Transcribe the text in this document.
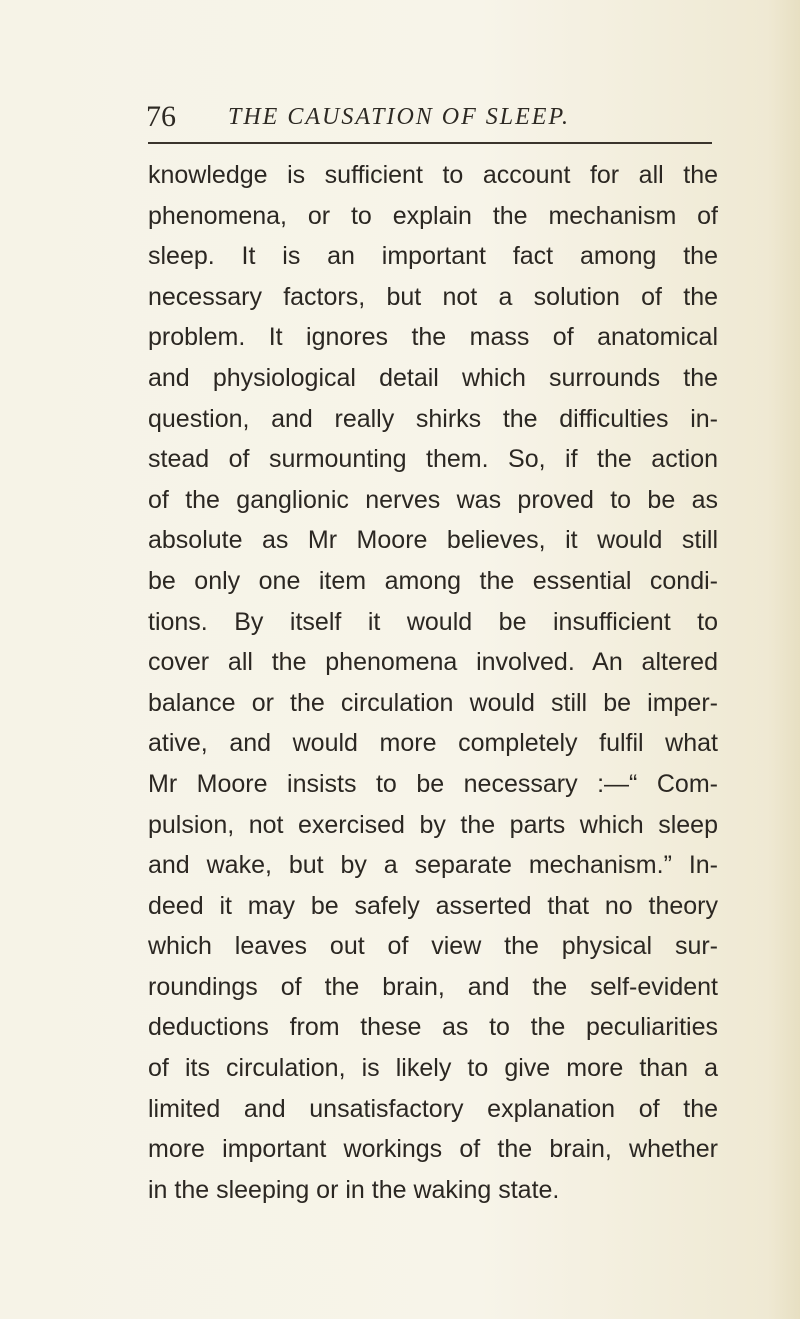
76 THE CAUSATION OF SLEEP.
knowledge is sufficient to account for all the
phenomena, or to explain the mechanism of
sleep. It is an important fact among the
necessary factors, but not a solution of the
problem. It ignores the mass of anatomical
and physiological detail which surrounds the
question, and really shirks the difficulties in-
stead of surmounting them. So, if the action
of the ganglionic nerves was proved to be as
absolute as Mr Moore believes, it would still
be only one item among the essential condi-
tions. By itself it would be insufficient to
cover all the phenomena involved. An altered
balance or the circulation would still be imper-
ative, and would more completely fulfil what
Mr Moore insists to be necessary :—“ Com-
pulsion, not exercised by the parts which sleep
and wake, but by a separate mechanism.” In-
deed it may be safely asserted that no theory
which leaves out of view the physical sur-
roundings of the brain, and the self-evident
deductions from these as to the peculiarities
of its circulation, is likely to give more than a
limited and unsatisfactory explanation of the
more important workings of the brain, whether
in the sleeping or in the waking state.
